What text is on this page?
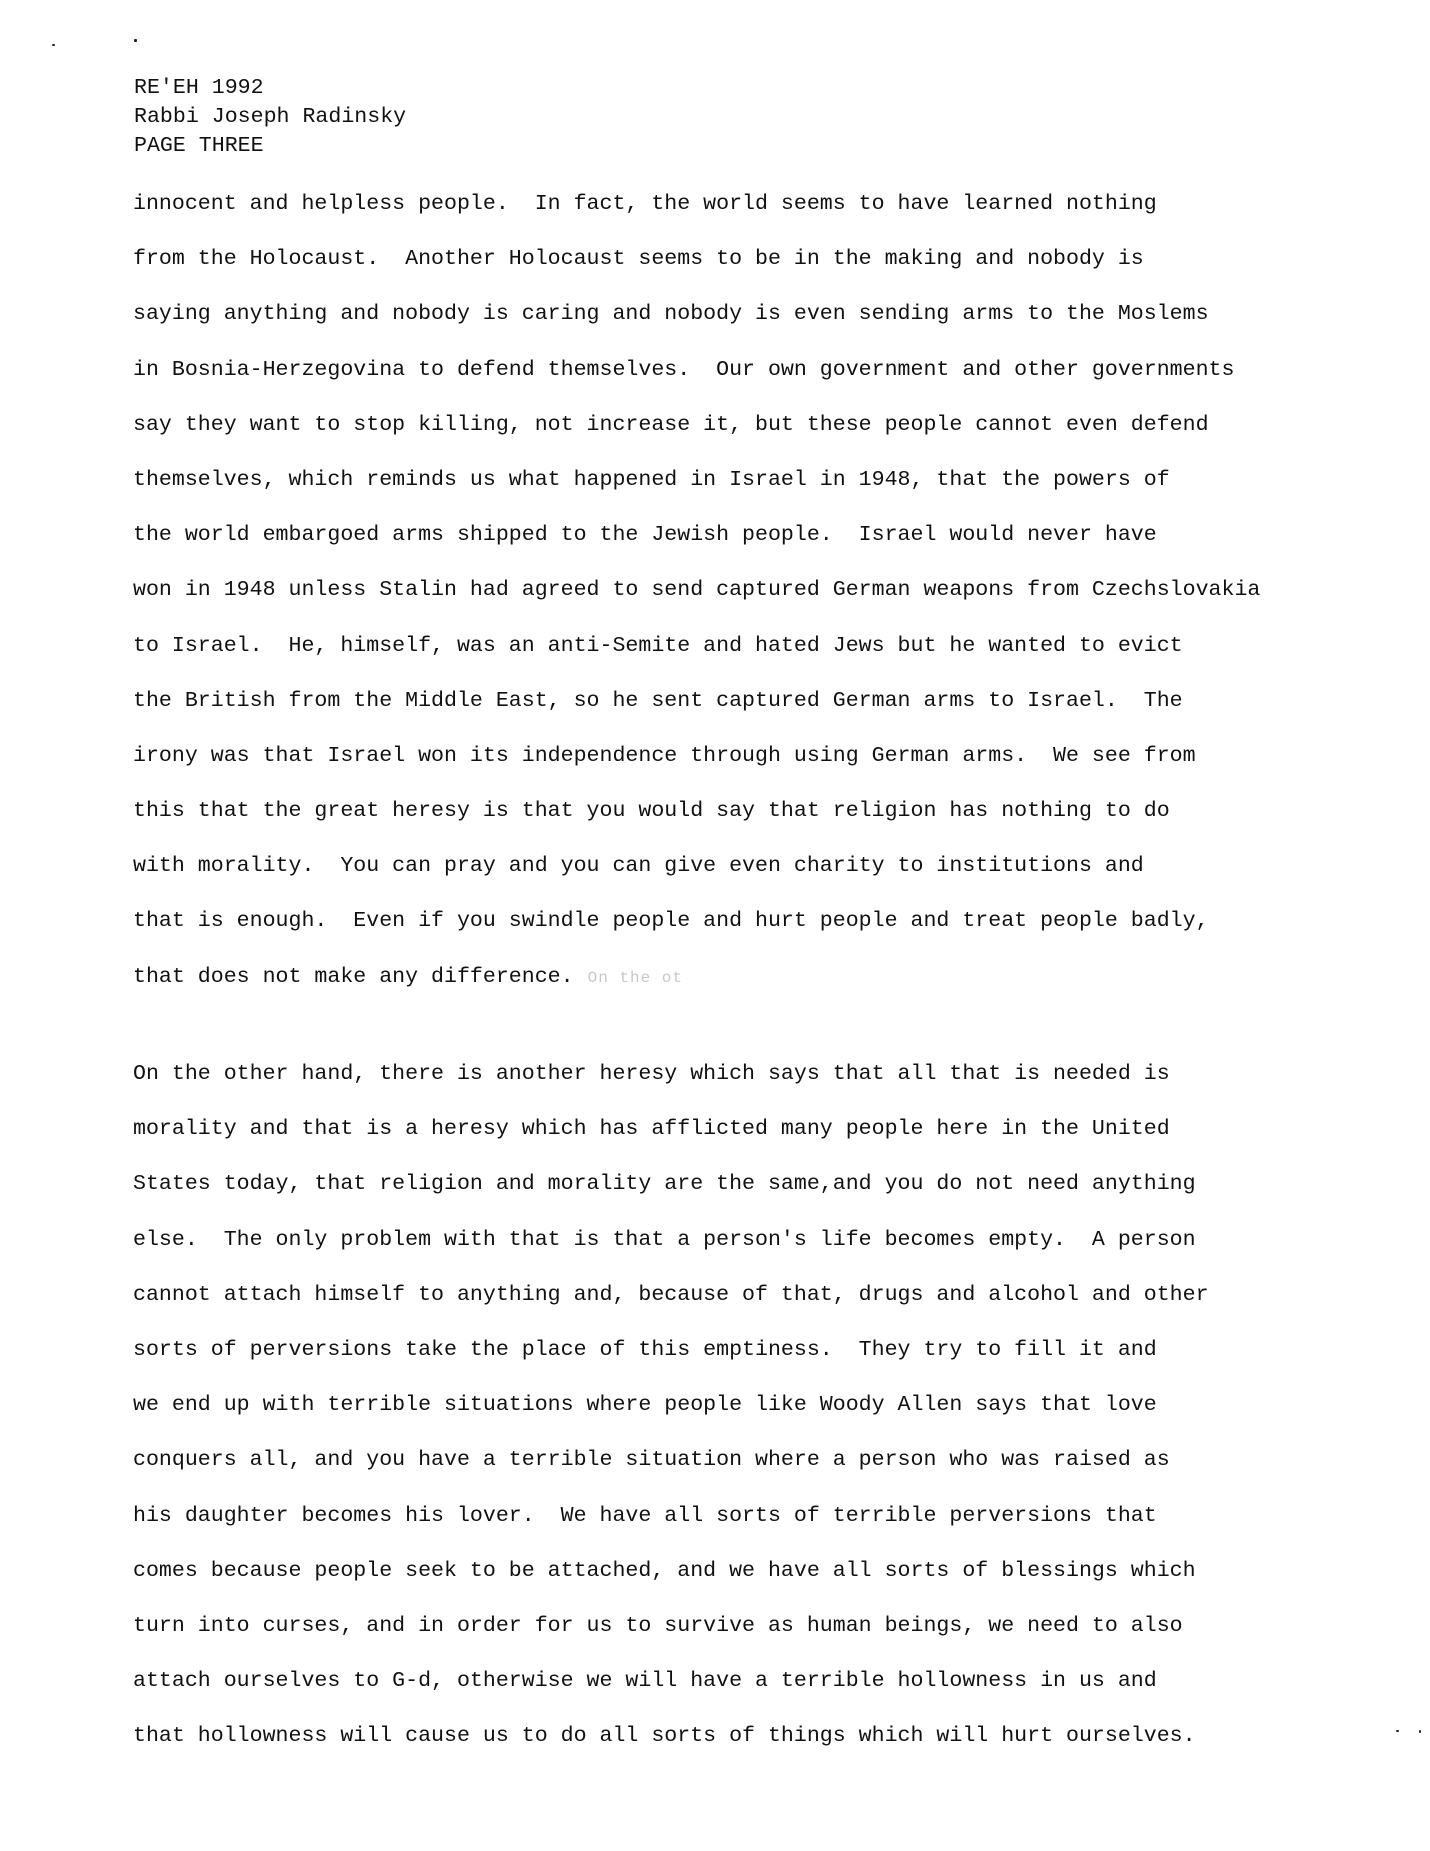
RE'EH 1992
Rabbi Joseph Radinsky
PAGE THREE
innocent and helpless people.  In fact, the world seems to have learned nothing
from the Holocaust.  Another Holocaust seems to be in the making and nobody is
saying anything and nobody is caring and nobody is even sending arms to the Moslems
in Bosnia-Herzegovina to defend themselves.  Our own government and other governments
say they want to stop killing, not increase it, but these people cannot even defend
themselves, which reminds us what happened in Israel in 1948, that the powers of
the world embargoed arms shipped to the Jewish people.  Israel would never have
won in 1948 unless Stalin had agreed to send captured German weapons from Czechslovakia
to Israel.  He, himself, was an anti-Semite and hated Jews but he wanted to evict
the British from the Middle East, so he sent captured German arms to Israel.  The
irony was that Israel won its independence through using German arms.  We see from
this that the great heresy is that you would say that religion has nothing to do
with morality.  You can pray and you can give even charity to institutions and
that is enough.  Even if you swindle people and hurt people and treat people badly,
that does not make any difference. On the ot
On the other hand, there is another heresy which says that all that is needed is
morality and that is a heresy which has afflicted many people here in the United
States today, that religion and morality are the same,and you do not need anything
else.  The only problem with that is that a person's life becomes empty.  A person
cannot attach himself to anything and, because of that, drugs and alcohol and other
sorts of perversions take the place of this emptiness.  They try to fill it and
we end up with terrible situations where people like Woody Allen says that love
conquers all, and you have a terrible situation where a person who was raised as
his daughter becomes his lover.  We have all sorts of terrible perversions that
comes because people seek to be attached, and we have all sorts of blessings which
turn into curses, and in order for us to survive as human beings, we need to also
attach ourselves to G-d, otherwise we will have a terrible hollowness in us and
that hollowness will cause us to do all sorts of things which will hurt ourselves.
